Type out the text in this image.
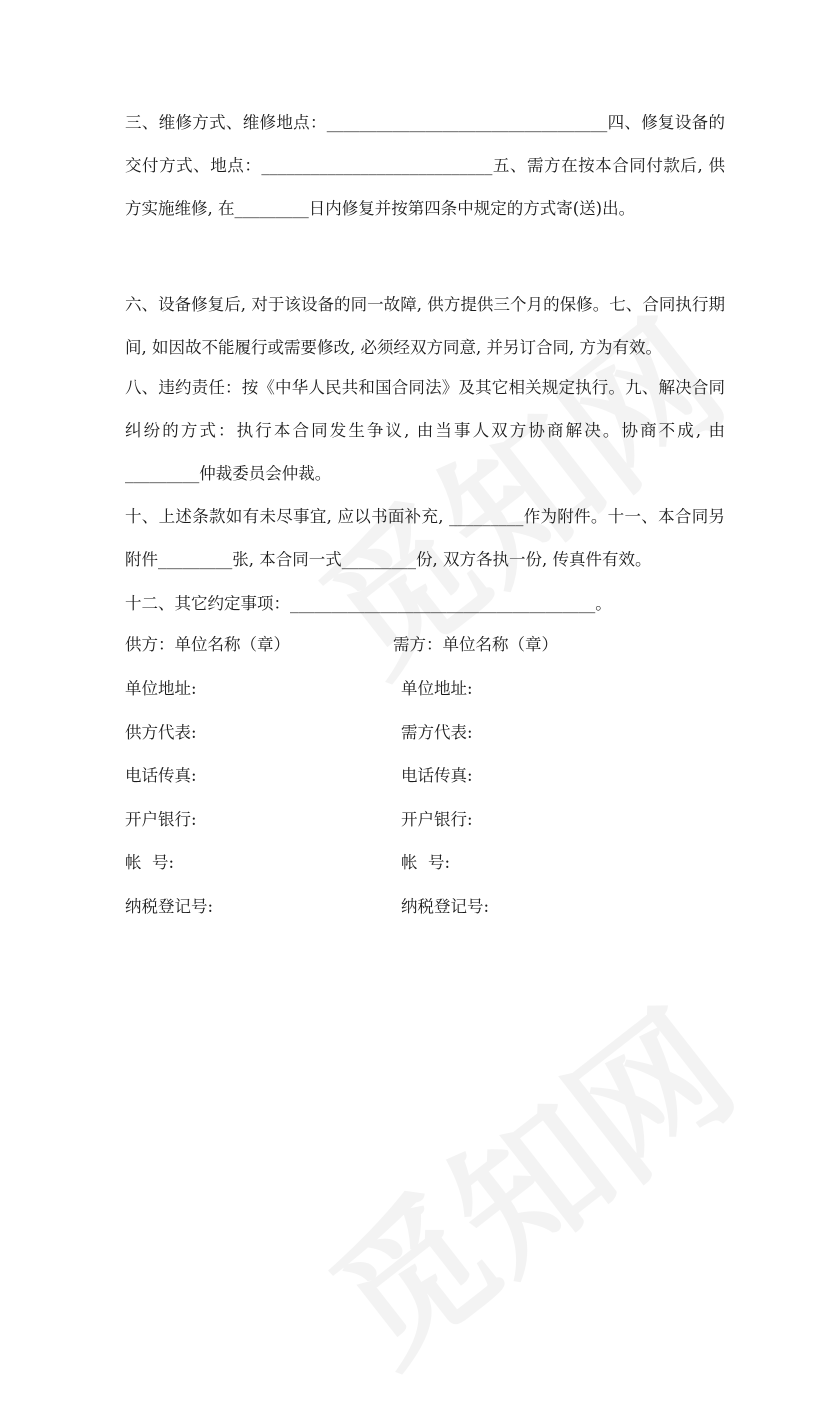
三、维修方式、维修地点：__________________________________四、修复设备的交付方式、地点：____________________________五、需方在按本合同付款后, 供方实施维修, 在_________日内修复并按第四条中规定的方式寄(送)出。

六、设备修复后, 对于该设备的同一故障, 供方提供三个月的保修。七、合同执行期间, 如因故不能履行或需要修改, 必须经双方同意, 并另订合同, 方为有效。

八、违约责任：按《中华人民共和国合同法》及其它相关规定执行。九、解决合同纠纷的方式：执行本合同发生争议, 由当事人双方协商解决。协商不成, 由_________仲裁委员会仲裁。

十、上述条款如有未尽事宜, 应以书面补充, _________作为附件。十一、本合同另附件_________张, 本合同一式_________份, 双方各执一份, 传真件有效。

十二、其它约定事项：_____________________________________。

供方：单位名称（章）	需方：单位名称（章）
单位地址:	单位地址:
供方代表:	需方代表:
电话传真:	电话传真:
开户银行:	开户银行:
帐  号:	帐  号:
纳税登记号:	纳税登记号:
